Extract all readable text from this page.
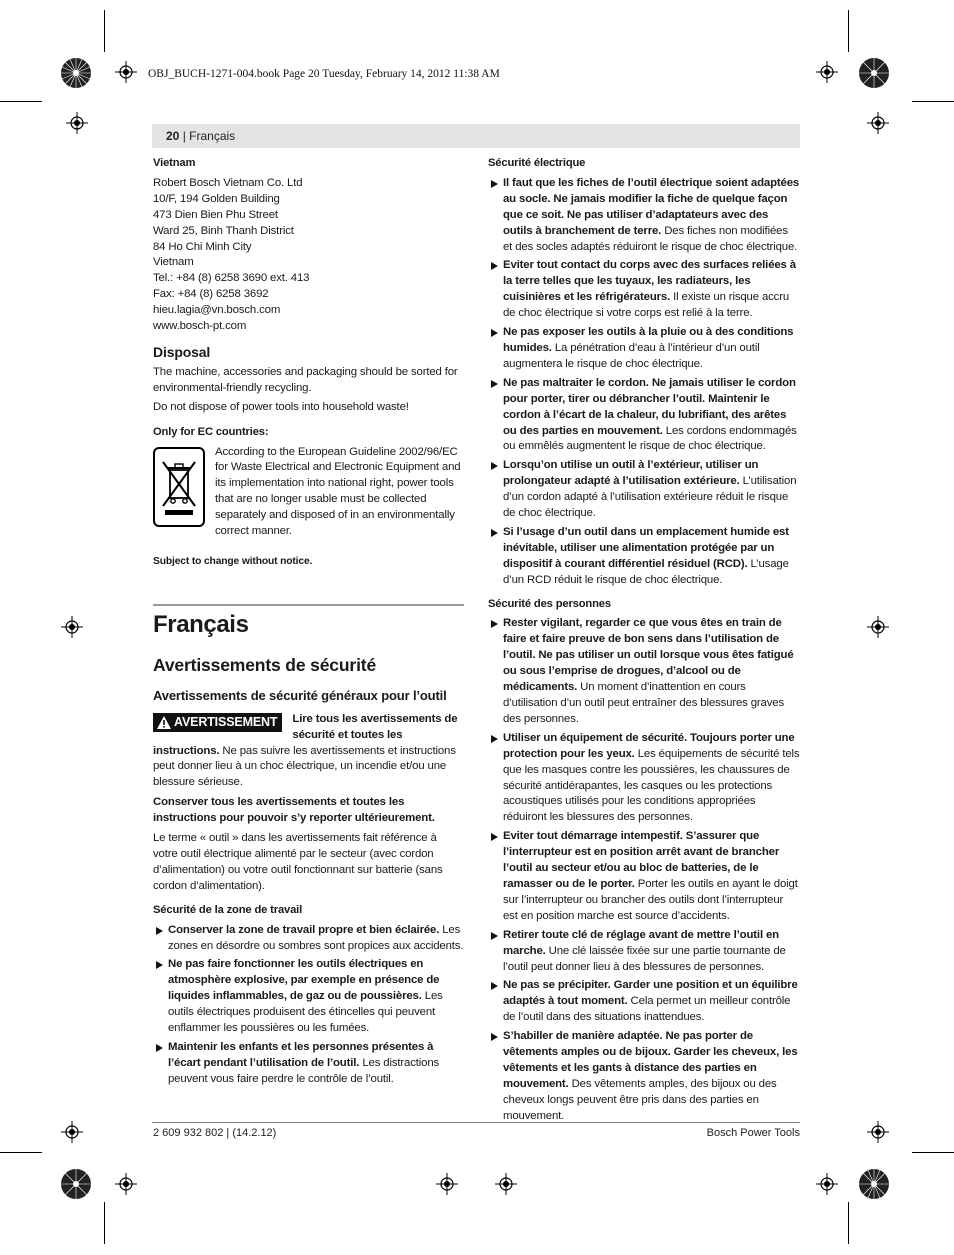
OBJ_BUCH-1271-004.book Page 20 Tuesday, February 14, 2012 11:38 AM
20 | Français
Vietnam
Robert Bosch Vietnam Co. Ltd
10/F, 194 Golden Building
473 Dien Bien Phu Street
Ward 25, Binh Thanh District
84 Ho Chi Minh City
Vietnam
Tel.: +84 (8) 6258 3690 ext. 413
Fax: +84 (8) 6258 3692
hieu.lagia@vn.bosch.com
www.bosch-pt.com
Disposal
The machine, accessories and packaging should be sorted for environmental-friendly recycling.
Do not dispose of power tools into household waste!
Only for EC countries:
According to the European Guideline 2002/96/EC for Waste Electrical and Electronic Equipment and its implementation into national right, power tools that are no longer usable must be collected separately and disposed of in an environmentally correct manner.
Subject to change without notice.
Français
Avertissements de sécurité
Avertissements de sécurité généraux pour l’outil
AVERTISSEMENT Lire tous les avertissements de sécurité et toutes les instructions. Ne pas suivre les avertissements et instructions peut donner lieu à un choc électrique, un incendie et/ou une blessure sérieuse.
Conserver tous les avertissements et toutes les instructions pour pouvoir s’y reporter ultérieurement.
Le terme « outil » dans les avertissements fait référence à votre outil électrique alimenté par le secteur (avec cordon d’alimentation) ou votre outil fonctionnant sur batterie (sans cordon d’alimentation).
Sécurité de la zone de travail
Conserver la zone de travail propre et bien éclairée. Les zones en désordre ou sombres sont propices aux accidents.
Ne pas faire fonctionner les outils électriques en atmosphère explosive, par exemple en présence de liquides inflammables, de gaz ou de poussières. Les outils électriques produisent des étincelles qui peuvent enflammer les poussières ou les fumées.
Maintenir les enfants et les personnes présentes à l’écart pendant l’utilisation de l’outil. Les distractions peuvent vous faire perdre le contrôle de l’outil.
Sécurité électrique
Il faut que les fiches de l’outil électrique soient adaptées au socle. Ne jamais modifier la fiche de quelque façon que ce soit. Ne pas utiliser d’adaptateurs avec des outils à branchement de terre. Des fiches non modifiées et des socles adaptés réduiront le risque de choc électrique.
Eviter tout contact du corps avec des surfaces reliées à la terre telles que les tuyaux, les radiateurs, les cuisinières et les réfrigérateurs. Il existe un risque accru de choc électrique si votre corps est relié à la terre.
Ne pas exposer les outils à la pluie ou à des conditions humides. La pénétration d’eau à l’intérieur d’un outil augmentera le risque de choc électrique.
Ne pas maltraiter le cordon. Ne jamais utiliser le cordon pour porter, tirer ou débrancher l’outil. Maintenir le cordon à l’écart de la chaleur, du lubrifiant, des arêtes ou des parties en mouvement. Les cordons endommagés ou emmêlés augmentent le risque de choc électrique.
Lorsqu’on utilise un outil à l’extérieur, utiliser un prolongateur adapté à l’utilisation extérieure. L’utilisation d’un cordon adapté à l’utilisation extérieure réduit le risque de choc électrique.
Si l’usage d’un outil dans un emplacement humide est inévitable, utiliser une alimentation protégée par un dispositif à courant différentiel résiduel (RCD). L’usage d’un RCD réduit le risque de choc électrique.
Sécurité des personnes
Rester vigilant, regarder ce que vous êtes en train de faire et faire preuve de bon sens dans l’utilisation de l’outil. Ne pas utiliser un outil lorsque vous êtes fatigué ou sous l’emprise de drogues, d’alcool ou de médicaments. Un moment d’inattention en cours d’utilisation d’un outil peut entraîner des blessures graves des personnes.
Utiliser un équipement de sécurité. Toujours porter une protection pour les yeux. Les équipements de sécurité tels que les masques contre les poussières, les chaussures de sécurité antidérapantes, les casques ou les protections acoustiques utilisés pour les conditions appropriées réduiront les blessures des personnes.
Eviter tout démarrage intempestif. S’assurer que l’interrupteur est en position arrêt avant de brancher l’outil au secteur et/ou au bloc de batteries, de le ramasser ou de le porter. Porter les outils en ayant le doigt sur l’interrupteur ou brancher des outils dont l’interrupteur est en position marche est source d’accidents.
Retirer toute clé de réglage avant de mettre l’outil en marche. Une clé laissée fixée sur une partie tournante de l’outil peut donner lieu à des blessures de personnes.
Ne pas se précipiter. Garder une position et un équilibre adaptés à tout moment. Cela permet un meilleur contrôle de l’outil dans des situations inattendues.
S’habiller de manière adaptée. Ne pas porter de vêtements amples ou de bijoux. Garder les cheveux, les vêtements et les gants à distance des parties en mouvement. Des vêtements amples, des bijoux ou des cheveux longs peuvent être pris dans des parties en mouvement.
2 609 932 802 | (14.2.12)	Bosch Power Tools
